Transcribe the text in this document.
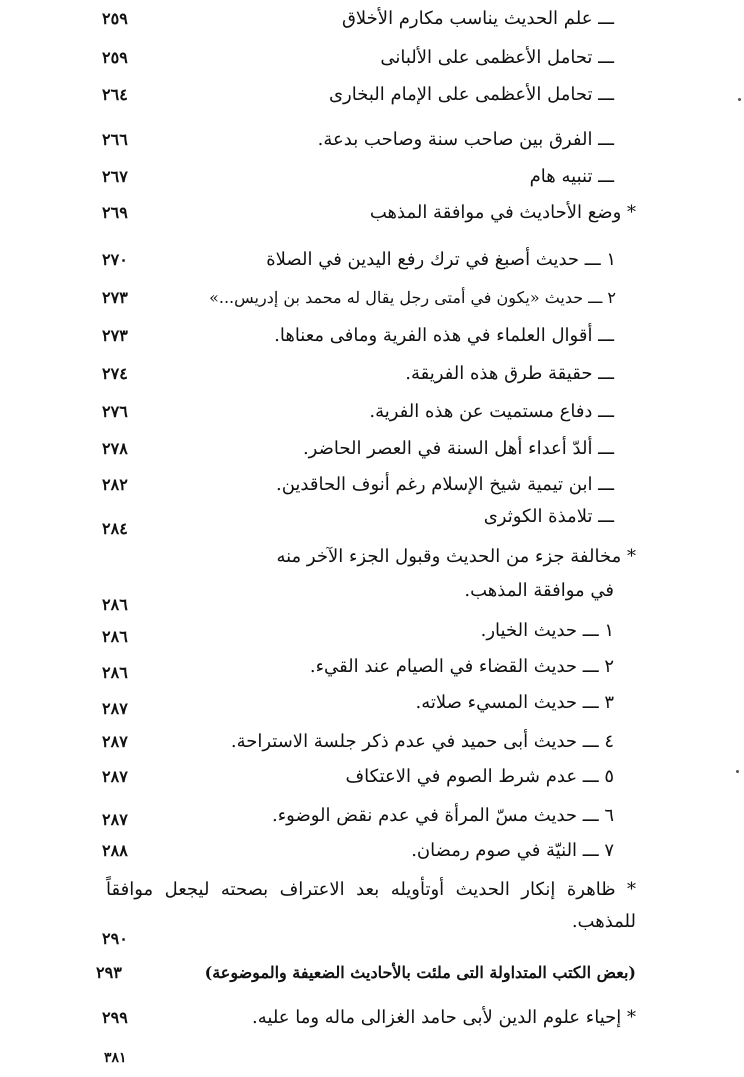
ـــ علم الحديث يناسب مكارم الأخلاق
٢٥٩
ـــ تحامل الأعظمى على الألبانى
٢٥٩
ـــ تحامل الأعظمى على الإمام البخارى
٢٦٤
ـــ الفرق بين صاحب سنة وصاحب بدعة.
٢٦٦
ـــ تنبيه هام
٢٦٧
* وضع الأحاديث في موافقة المذهب
٢٦٩
١ ـــ حديث أصبغ في ترك رفع اليدين في الصلاة
٢٧٠
٢ ـــ حديث «يكون في أمتى رجل يقال له محمد بن إدريس...»
٢٧٣
ـــ أقوال العلماء في هذه الفرية ومافى معناها.
٢٧٣
ـــ حقيقة طرق هذه الفريقة.
٢٧٤
ـــ دفاع مستميت عن هذه الفرية.
٢٧٦
ـــ ألدّ أعداء أهل السنة في العصر الحاضر.
٢٧٨
ـــ ابن تيمية شيخ الإسلام رغم أنوف الحاقدين.
٢٨٢
ـــ تلامذة الكوثرى
٢٨٤
* مخالفة جزء من الحديث وقبول الجزء الآخر منه
في موافقة المذهب.
٢٨٦
١ ـــ حديث الخيار.
٢٨٦
٢ ـــ حديث القضاء في الصيام عند القيء.
٢٨٦
٣ ـــ حديث المسيء صلاته.
٢٨٧
٤ ـــ حديث أبى حميد في عدم ذكر جلسة الاستراحة.
٢٨٧
٥ ـــ عدم شرط الصوم في الاعتكاف
٢٨٧
٦ ـــ حديث مسّ المرأة في عدم نقض الوضوء.
٢٨٧
٧ ـــ النيّة في صوم رمضان.
٢٨٨
* ظاهرة إنكار الحديث أوتأويله بعد الاعتراف بصحته ليجعل موافقاً للمذهب.
٢٩٠
(بعض الكتب المتداولة التى ملئت بالأحاديث الضعيفة والموضوعة)
٢٩٣
* إحياء علوم الدين لأبى حامد الغزالى ماله وما عليه.
٢٩٩
٣٨١
